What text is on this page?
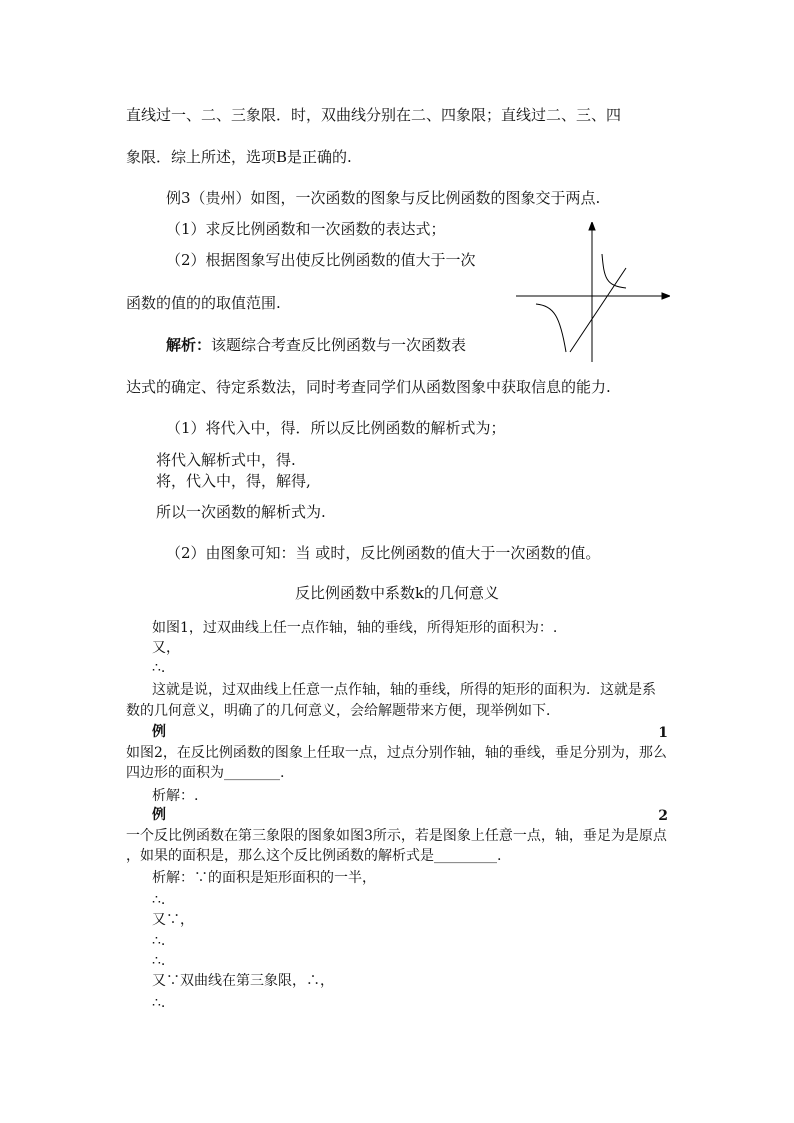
直线过一、二、三象限．时，双曲线分别在二、四象限；直线过二、三、四
象限．综上所述，选项B是正确的.
例3（贵州）如图，一次函数的图象与反比例函数的图象交于两点.
（1）求反比例函数和一次函数的表达式；
（2）根据图象写出使反比例函数的值大于一次
函数的值的的取值范围.
解析：该题综合考查反比例函数与一次函数表
达式的确定、待定系数法，同时考查同学们从函数图象中获取信息的能力.
（1）将代入中，得．所以反比例函数的解析式为；
将代入解析式中，得.
将，代入中，得，解得,
所以一次函数的解析式为.
（2）由图象可知：当 或时，反比例函数的值大于一次函数的值。
反比例函数中系数k的几何意义
如图1，过双曲线上任一点作轴，轴的垂线，所得矩形的面积为：.
又，
∴.
这就是说，过双曲线上任意一点作轴，轴的垂线，所得的矩形的面积为．这就是系
数的几何意义，明确了的几何意义，会给解题带来方便，现举例如下．
例	1
如图2，在反比例函数的图象上任取一点，过点分别作轴，轴的垂线，垂足分别为，那么
四边形的面积为________.
析解：.
例	2
一个反比例函数在第三象限的图象如图3所示，若是图象上任意一点，轴，垂足为是原点
，如果的面积是，那么这个反比例函数的解析式是_________.
析解：∵的面积是矩形面积的一半，
∴.
又∵，
∴.
∴.
又∵双曲线在第三象限，∴，
∴.
